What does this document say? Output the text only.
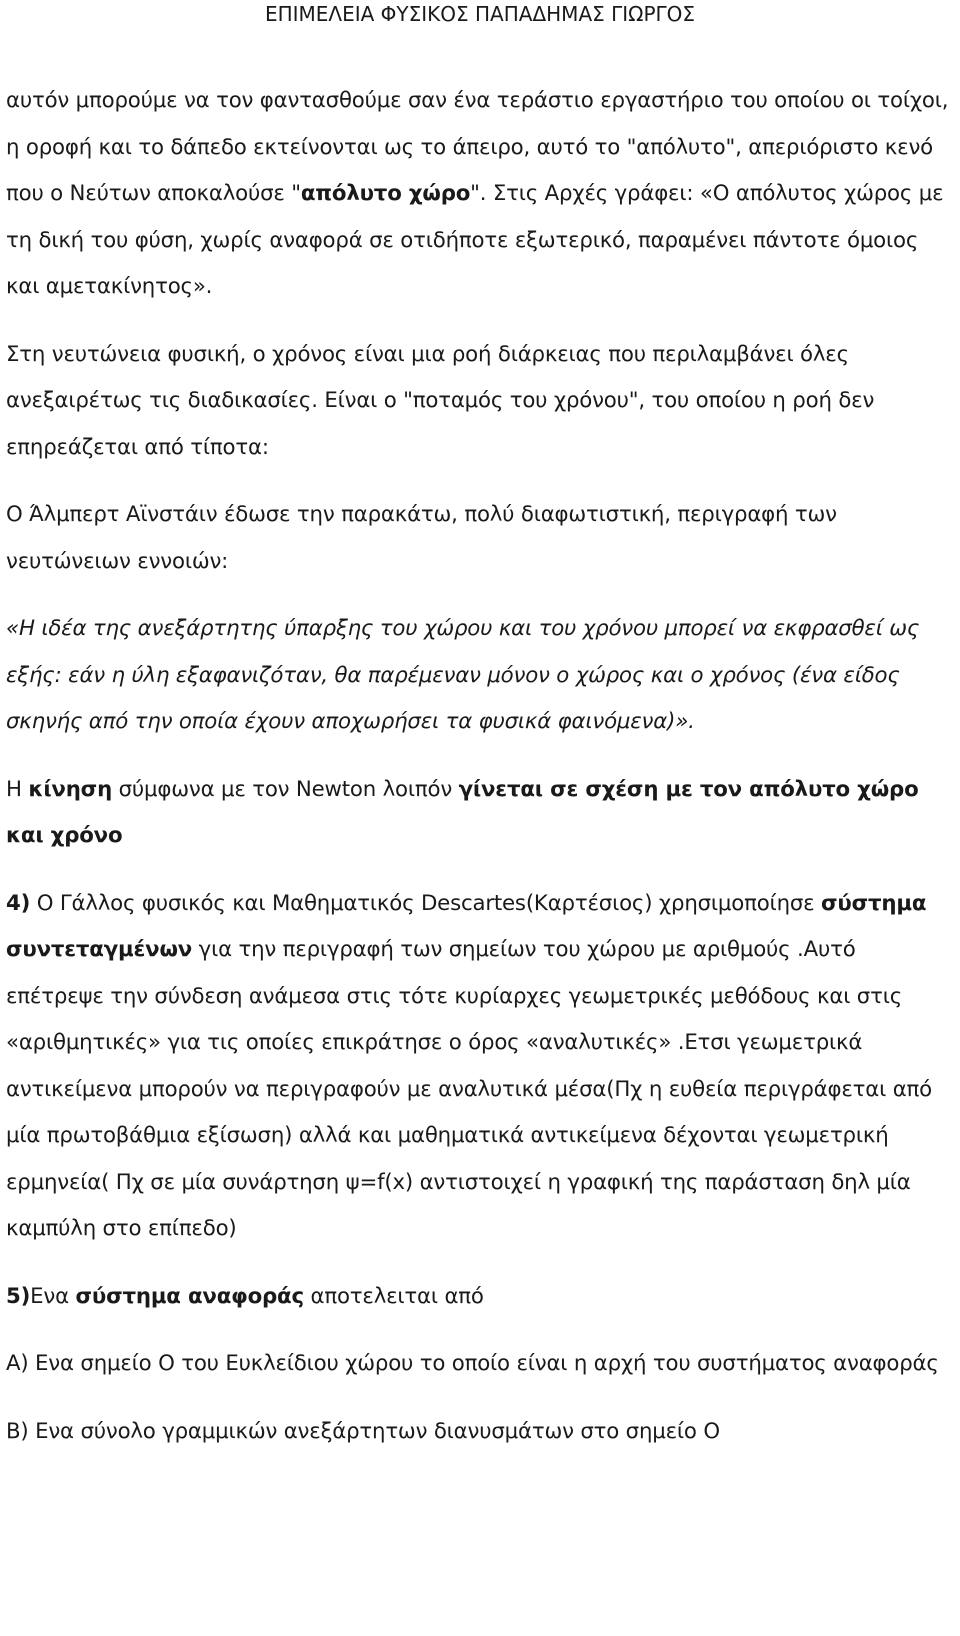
ΕΠΙΜΕΛΕΙΑ ΦΥΣΙΚΟΣ ΠΑΠΑΔΗΜΑΣ ΓΙΩΡΓΟΣ

αυτόν μπορούμε να τον φαντασθούμε σαν ένα τεράστιο εργαστήριο του οποίου οι τοίχοι, η οροφή και το δάπεδο εκτείνονται ως το άπειρο, αυτό το "απόλυτο", απεριόριστο κενό που ο Νεύτων αποκαλούσε "απόλυτο χώρο". Στις Αρχές γράφει: «Ο απόλυτος χώρος με τη δική του φύση, χωρίς αναφορά σε οτιδήποτε εξωτερικό, παραμένει πάντοτε όμοιος και αμετακίνητος».

Στη νευτώνεια φυσική, ο χρόνος είναι μια ροή διάρκειας που περιλαμβάνει όλες ανεξαιρέτως τις διαδικασίες. Είναι ο "ποταμός του χρόνου", του οποίου η ροή δεν επηρεάζεται από τίποτα:

Ο Άλμπερτ Αϊνστάιν έδωσε την παρακάτω, πολύ διαφωτιστική, περιγραφή των νευτώνειων εννοιών:

«Η ιδέα της ανεξάρτητης ύπαρξης του χώρου και του χρόνου μπορεί να εκφρασθεί ως εξής: εάν η ύλη εξαφανιζόταν, θα παρέμεναν μόνον ο χώρος και ο χρόνος (ένα είδος σκηνής από την οποία έχουν αποχωρήσει τα φυσικά φαινόμενα)».

Η κίνηση σύμφωνα με τον Newton λοιπόν γίνεται σε σχέση με τον απόλυτο χώρο και χρόνο

4) Ο Γάλλος φυσικός και Μαθηματικός Descartes(Καρτέσιος) χρησιμοποίησε σύστημα συντεταγμένων για την περιγραφή των σημείων του χώρου με αριθμούς .Αυτό επέτρεψε την σύνδεση ανάμεσα στις τότε κυρίαρχες γεωμετρικές μεθόδους και στις «αριθμητικές» για τις οποίες επικράτησε ο όρος «αναλυτικές» .Ετσι γεωμετρικά αντικείμενα μπορούν να περιγραφούν με αναλυτικά μέσα(Πχ η ευθεία περιγράφεται από μία πρωτοβάθμια εξίσωση) αλλά και μαθηματικά αντικείμενα δέχονται γεωμετρική ερμηνεία( Πχ σε μία συνάρτηση ψ=f(x) αντιστοιχεί η γραφική της παράσταση δηλ μία καμπύλη στο επίπεδο)

5)Ενα σύστημα αναφοράς αποτελειται από

Α) Ενα σημείο Ο του Ευκλείδιου χώρου το οποίο είναι η αρχή του συστήματος αναφοράς

Β) Ενα σύνολο γραμμικών ανεξάρτητων διανυσμάτων στο σημείο Ο
